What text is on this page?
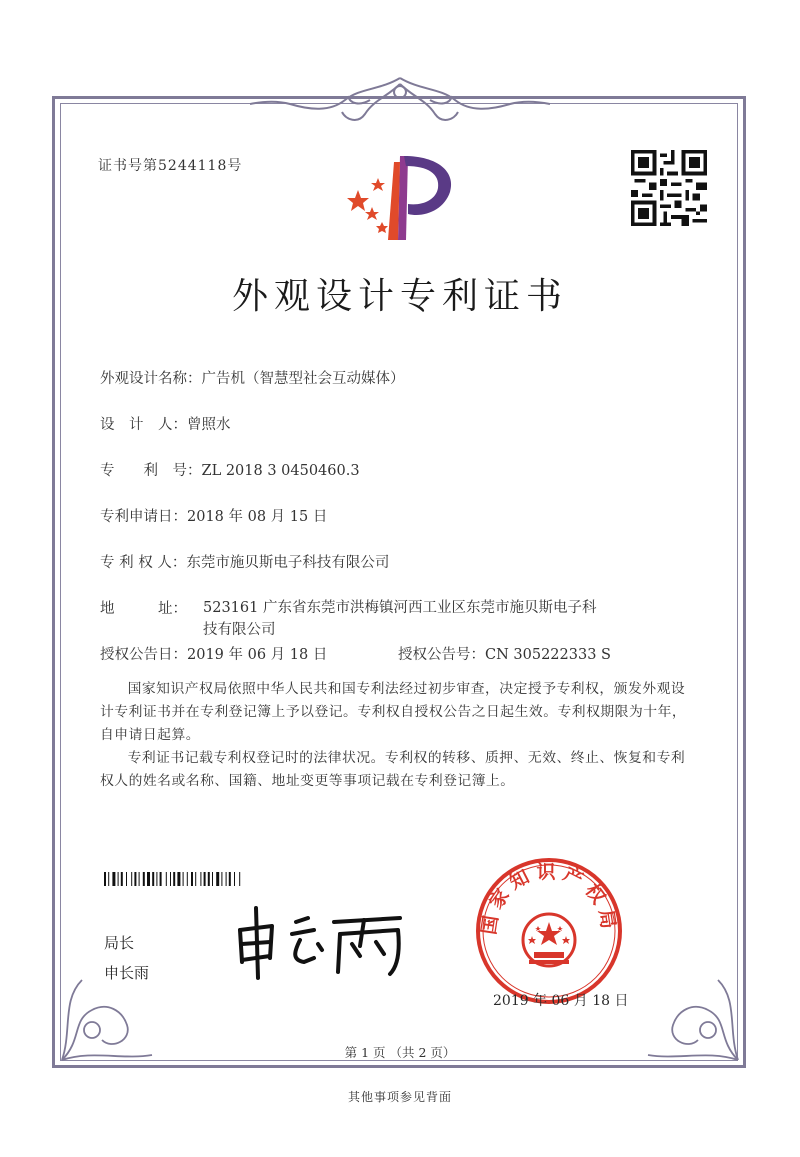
证书号第5244118号
外观设计专利证书
外观设计名称：广告机（智慧型社会互动媒体）
设　计　人：曾照水
专　　利　号：ZL 2018 3 0450460.3
专利申请日：2018 年 08 月 15 日
专 利 权 人：东莞市施贝斯电子科技有限公司
地　　　址： 523161 广东省东莞市洪梅镇河西工业区东莞市施贝斯电子科技有限公司
授权公告日：2019 年 06 月 18 日	授权公告号：CN 305222333 S

国家知识产权局依照中华人民共和国专利法经过初步审查，决定授予专利权，颁发外观设计专利证书并在专利登记簿上予以登记。专利权自授权公告之日起生效。专利权期限为十年，自申请日起算。

专利证书记载专利权登记时的法律状况。专利权的转移、质押、无效、终止、恢复和专利权人的姓名或名称、国籍、地址变更等事项记载在专利登记簿上。

局长
申长雨
国家知识产权局
2019 年 06 月 18 日
第 1 页 （共 2 页）
其他事项参见背面
